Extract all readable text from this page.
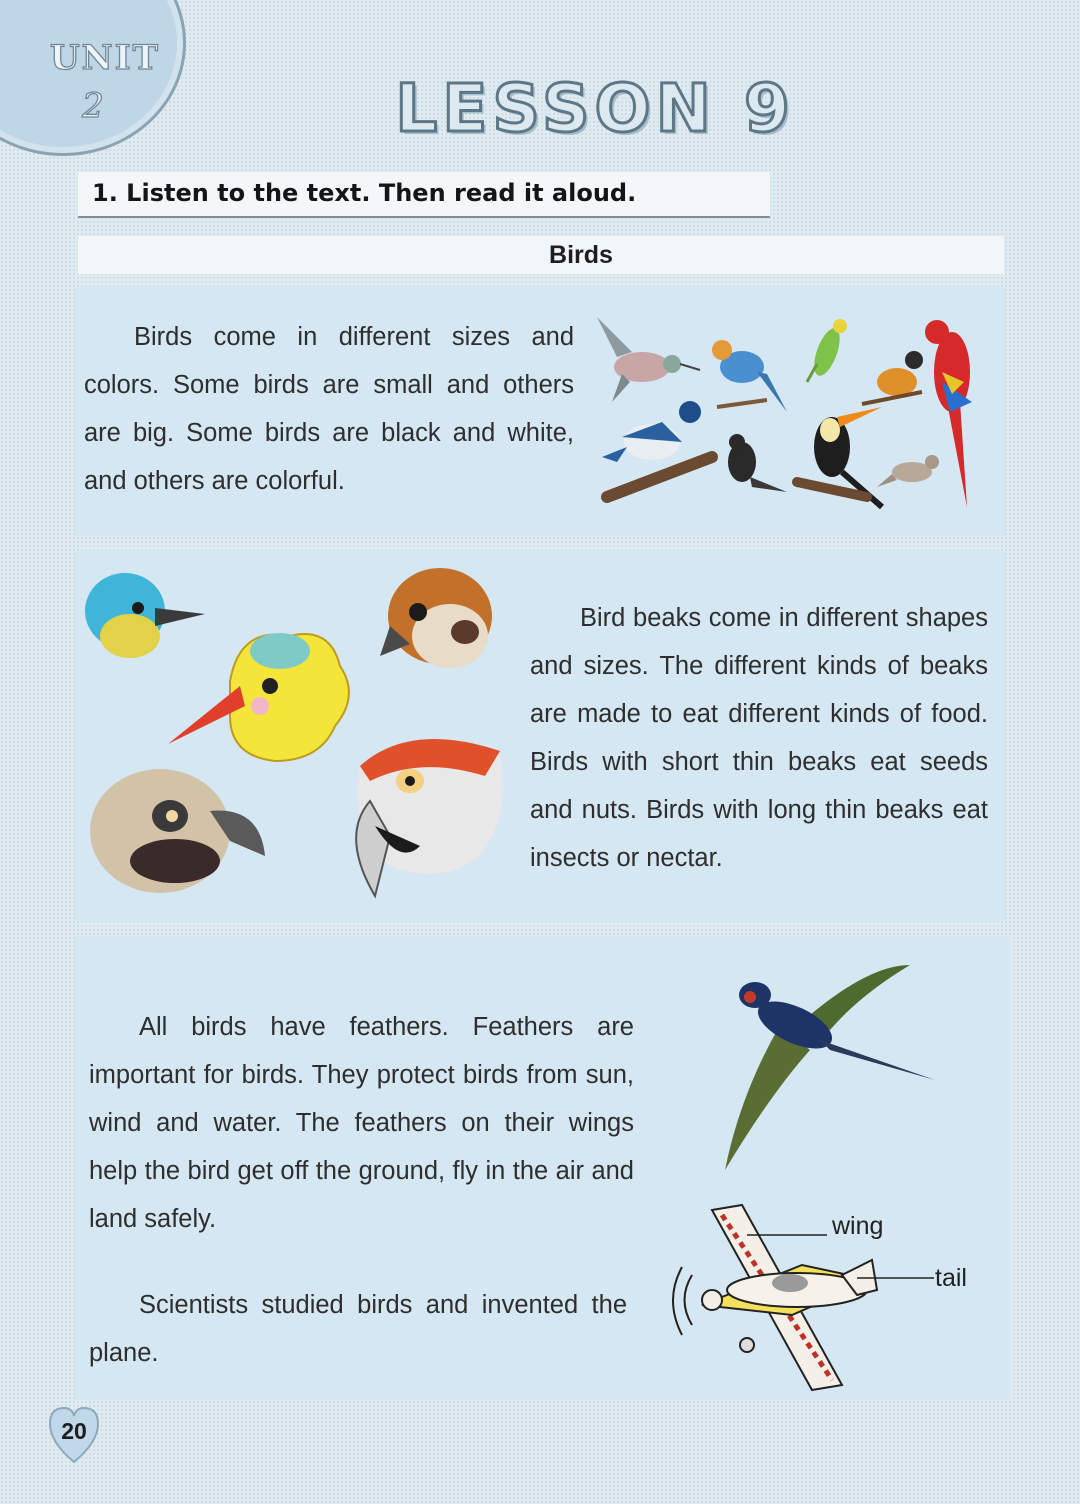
UNIT
2	LESSON 9
1. Listen to the text. Then read it aloud.
Birds

Birds come in different sizes and colors. Some birds are small and others are big. Some birds are black and white, and others are colorful.

Bird beaks come in different shapes and sizes. The different kinds of beaks are made to eat different kinds of food. Birds with short thin beaks eat seeds and nuts. Birds with long thin beaks eat insects or nectar.

All birds have feathers. Feathers are important for birds. They protect birds from sun, wind and water. The feathers on their wings help the bird get off the ground, fly in the air and land safely.

Scientists studied birds and invented the plane.

wing
tail
20
